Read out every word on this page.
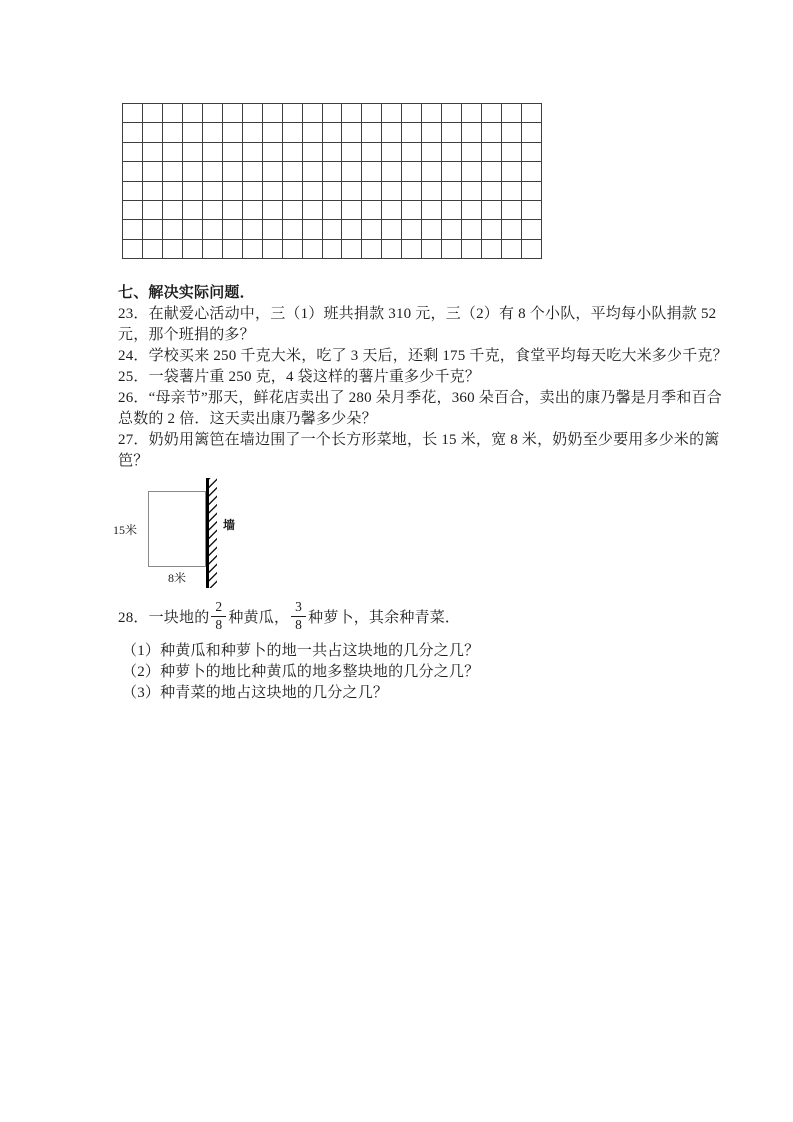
七、解决实际问题．
23．在献爱心活动中，三（1）班共捐款 310 元，三（2）有 8 个小队，平均每小队捐款 52
元，那个班捐的多？
24．学校买来 250 千克大米，吃了 3 天后，还剩 175 千克，食堂平均每天吃大米多少千克？
25．一袋薯片重 250 克，4 袋这样的薯片重多少千克？
26．“母亲节”那天，鲜花店卖出了 280 朵月季花，360 朵百合，卖出的康乃馨是月季和百合
总数的 2 倍．这天卖出康乃馨多少朵？
27．奶奶用篱笆在墙边围了一个长方形菜地，长 15 米，宽 8 米，奶奶至少要用多少米的篱
笆？
15米
8米
墙
28．一块地的 $\frac{2}{8}$ 种黄瓜， $\frac{3}{8}$ 种萝卜，其余种青菜．
（1）种黄瓜和种萝卜的地一共占这块地的几分之几？
（2）种萝卜的地比种黄瓜的地多整块地的几分之几？
（3）种青菜的地占这块地的几分之几？
